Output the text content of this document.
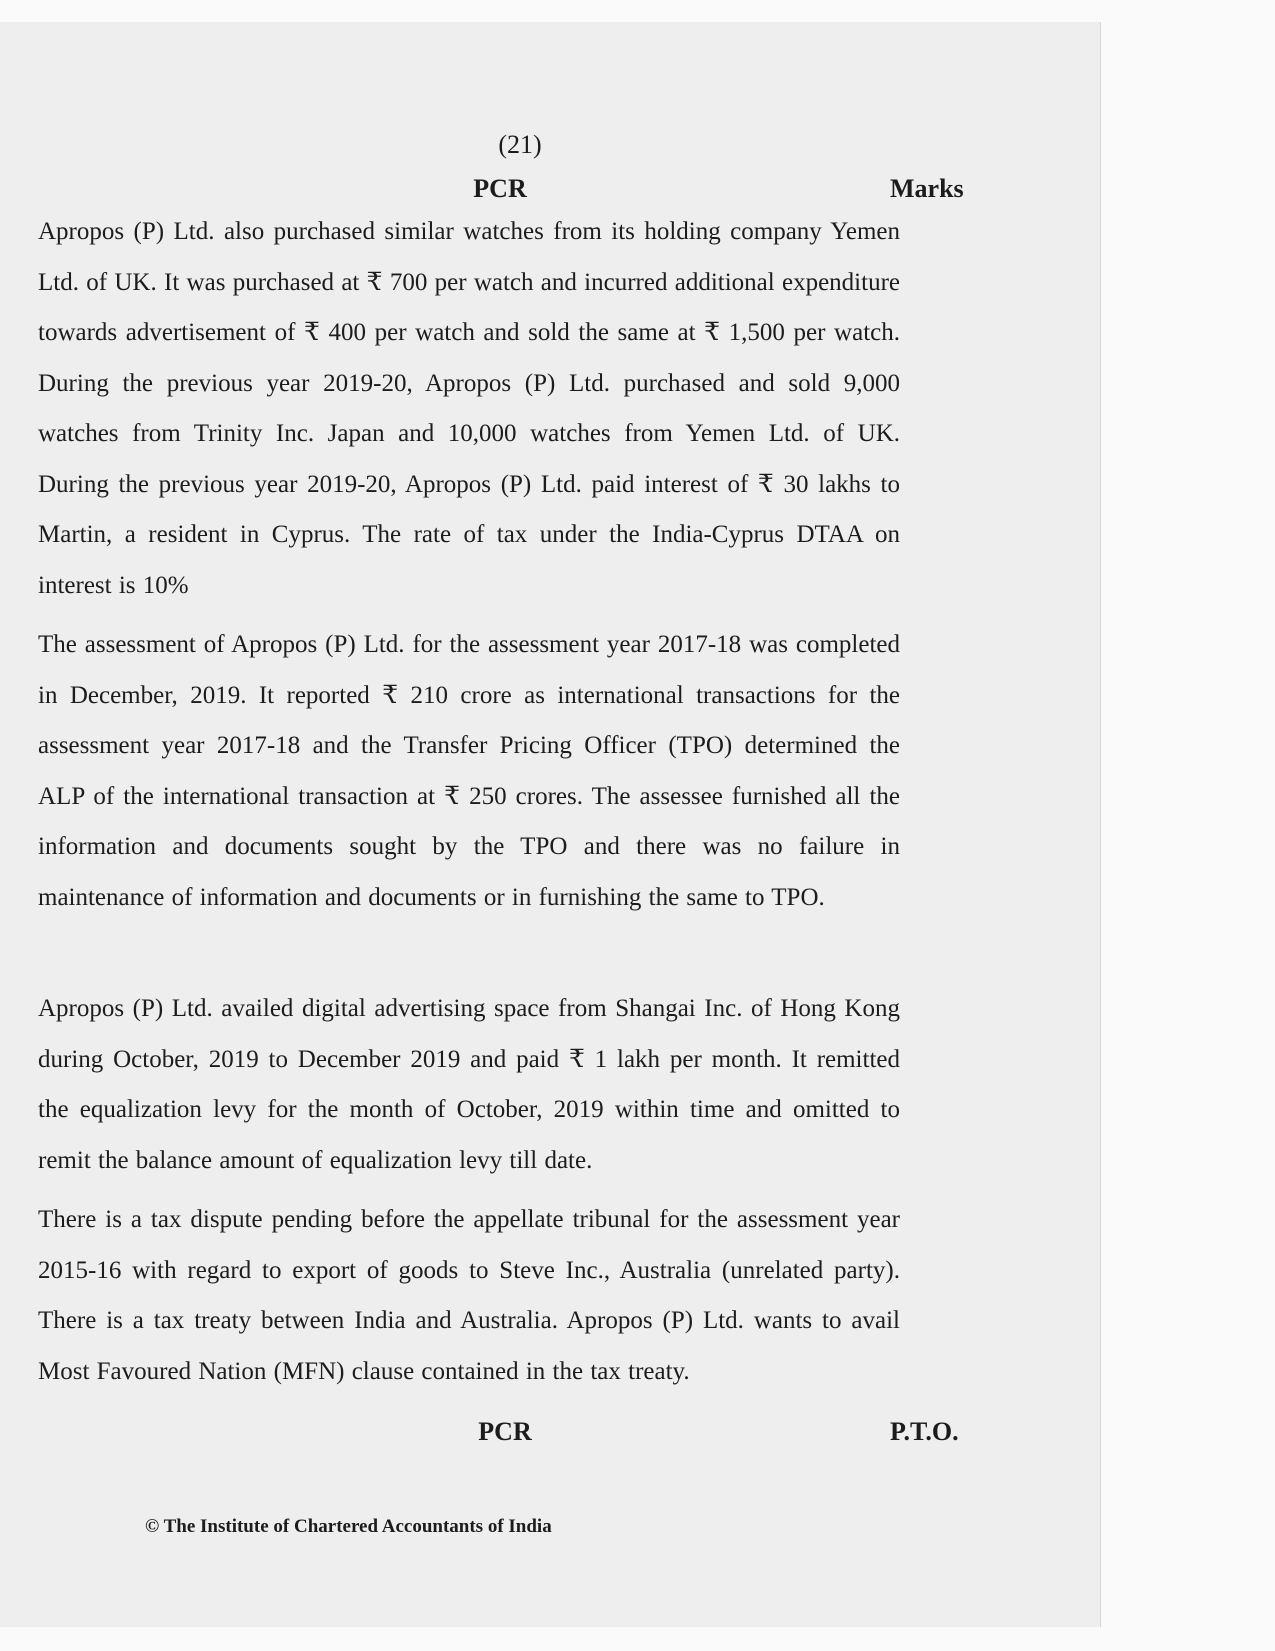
(21)
PCR	Marks

Apropos (P) Ltd. also purchased similar watches from its holding company Yemen Ltd. of UK. It was purchased at ₹ 700 per watch and incurred additional expenditure towards advertisement of ₹ 400 per watch and sold the same at ₹ 1,500 per watch. During the previous year 2019-20, Apropos (P) Ltd. purchased and sold 9,000 watches from Trinity Inc. Japan and 10,000 watches from Yemen Ltd. of UK. During the previous year 2019-20, Apropos (P) Ltd. paid interest of ₹ 30 lakhs to Martin, a resident in Cyprus. The rate of tax under the India-Cyprus DTAA on interest is 10%

The assessment of Apropos (P) Ltd. for the assessment year 2017-18 was completed in December, 2019. It reported ₹ 210 crore as international transactions for the assessment year 2017-18 and the Transfer Pricing Officer (TPO) determined the ALP of the international transaction at ₹ 250 crores. The assessee furnished all the information and documents sought by the TPO and there was no failure in maintenance of information and documents or in furnishing the same to TPO.

Apropos (P) Ltd. availed digital advertising space from Shangai Inc. of Hong Kong during October, 2019 to December 2019 and paid ₹ 1 lakh per month. It remitted the equalization levy for the month of October, 2019 within time and omitted to remit the balance amount of equalization levy till date.

There is a tax dispute pending before the appellate tribunal for the assessment year 2015-16 with regard to export of goods to Steve Inc., Australia (unrelated party). There is a tax treaty between India and Australia. Apropos (P) Ltd. wants to avail Most Favoured Nation (MFN) clause contained in the tax treaty.

PCR	P.T.O.
© The Institute of Chartered Accountants of India
